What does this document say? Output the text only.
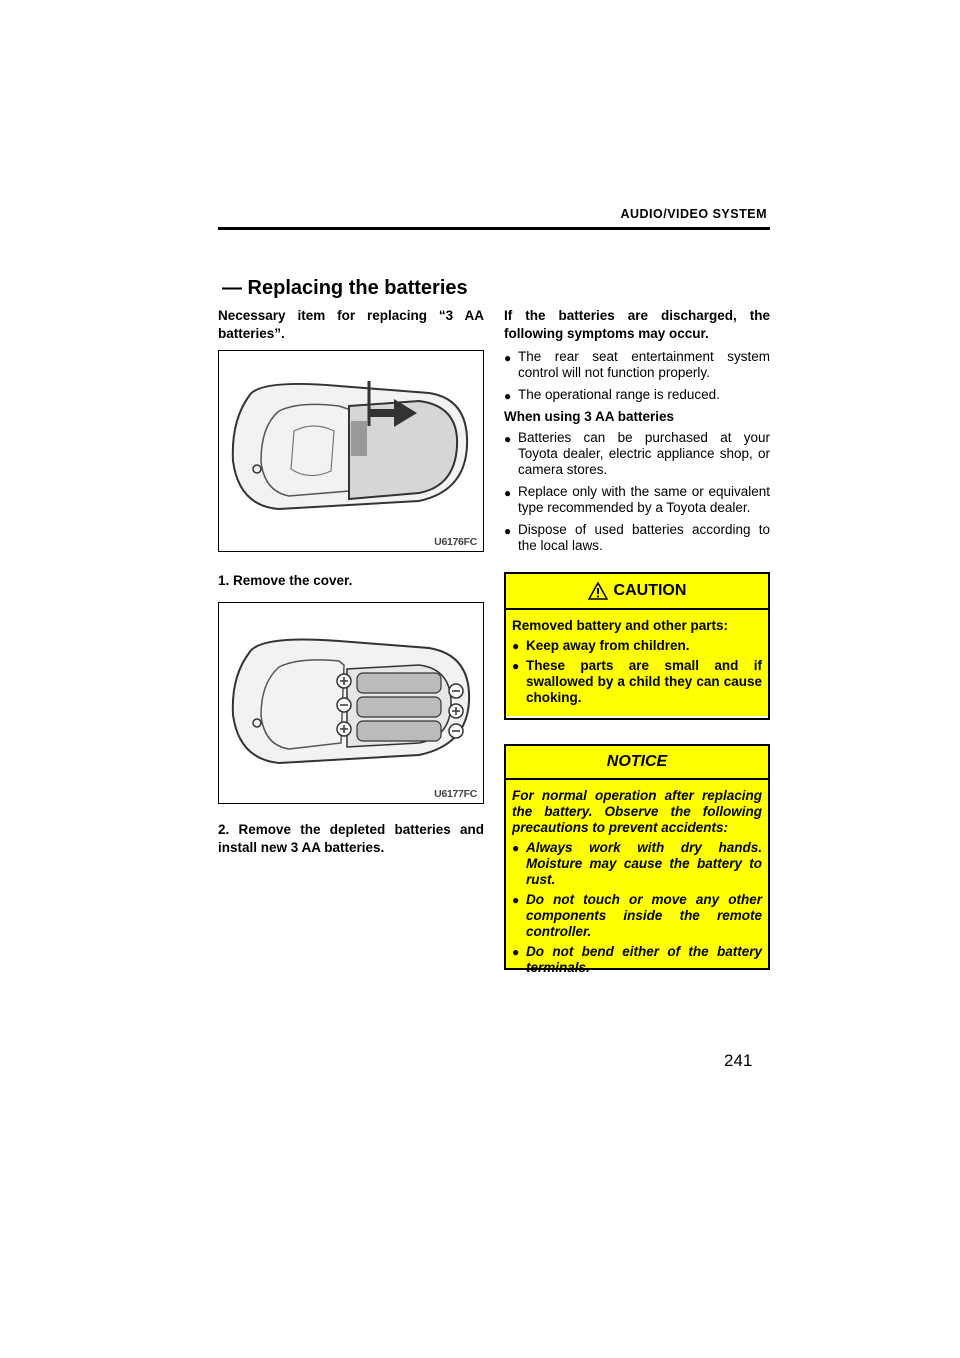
AUDIO/VIDEO SYSTEM
— Replacing the batteries

Necessary item for replacing “3 AA batteries”.

U6176FC

1. Remove the cover.

U6177FC

2. Remove the depleted batteries and install new 3 AA batteries.

If the batteries are discharged, the following symptoms may occur.

● The rear seat entertainment system control will not function properly.
● The operational range is reduced.
When using 3 AA batteries
● Batteries can be purchased at your Toyota dealer, electric appliance shop, or camera stores.
● Replace only with the same or equivalent type recommended by a Toyota dealer.
● Dispose of used batteries according to the local laws.
CAUTION

Removed battery and other parts:

● Keep away from children.
● These parts are small and if swallowed by a child they can cause choking.
NOTICE

For normal operation after replacing the battery. Observe the following precautions to prevent accidents:

● Always work with dry hands. Moisture may cause the battery to rust.
● Do not touch or move any other components inside the remote controller.
● Do not bend either of the battery terminals.
241
